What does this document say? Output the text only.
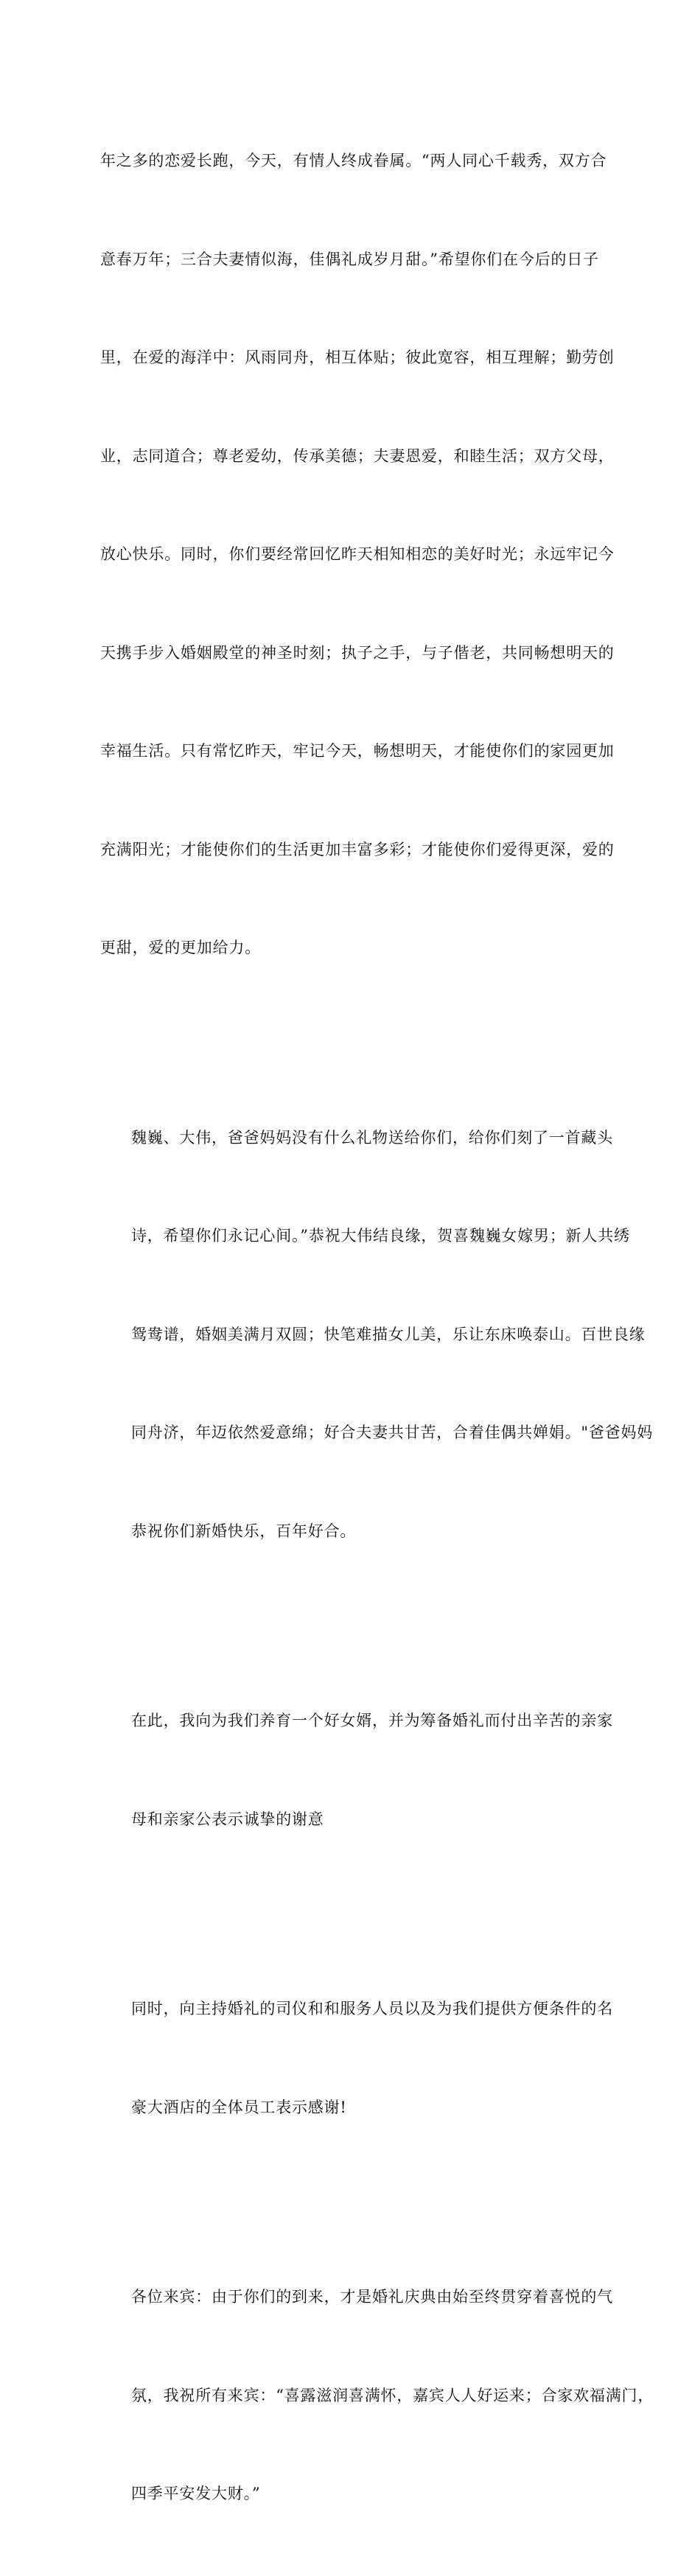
年之多的恋爱长跑，今天，有情人终成眷属。“两人同心千载秀，双方合

意春万年；三合夫妻情似海，佳偶礼成岁月甜。”希望你们在今后的日子

里，在爱的海洋中：风雨同舟，相互体贴；彼此宽容，相互理解；勤劳创

业，志同道合；尊老爱幼，传承美德；夫妻恩爱，和睦生活；双方父母，

放心快乐。同时，你们要经常回忆昨天相知相恋的美好时光；永远牢记今

天携手步入婚姻殿堂的神圣时刻；执子之手，与子偕老，共同畅想明天的

幸福生活。只有常忆昨天，牢记今天，畅想明天，才能使你们的家园更加

充满阳光；才能使你们的生活更加丰富多彩；才能使你们爱得更深，爱的

更甜，爱的更加给力。

魏巍、大伟，爸爸妈妈没有什么礼物送给你们，给你们刻了一首藏头

诗，希望你们永记心间。”恭祝大伟结良缘，贺喜魏巍女嫁男；新人共绣

鸳鸯谱，婚姻美满月双圆；快笔难描女儿美，乐让东床唤泰山。百世良缘

同舟济，年迈依然爱意绵；好合夫妻共甘苦，合着佳偶共婵娟。"爸爸妈妈

恭祝你们新婚快乐，百年好合。

在此，我向为我们养育一个好女婿，并为筹备婚礼而付出辛苦的亲家

母和亲家公表示诚挚的谢意

同时，向主持婚礼的司仪和和服务人员以及为我们提供方便条件的名

豪大酒店的全体员工表示感谢!

各位来宾：由于你们的到来，才是婚礼庆典由始至终贯穿着喜悦的气

氛，我祝所有来宾：“喜露滋润喜满怀，嘉宾人人好运来；合家欢福满门，

四季平安发大财。”
